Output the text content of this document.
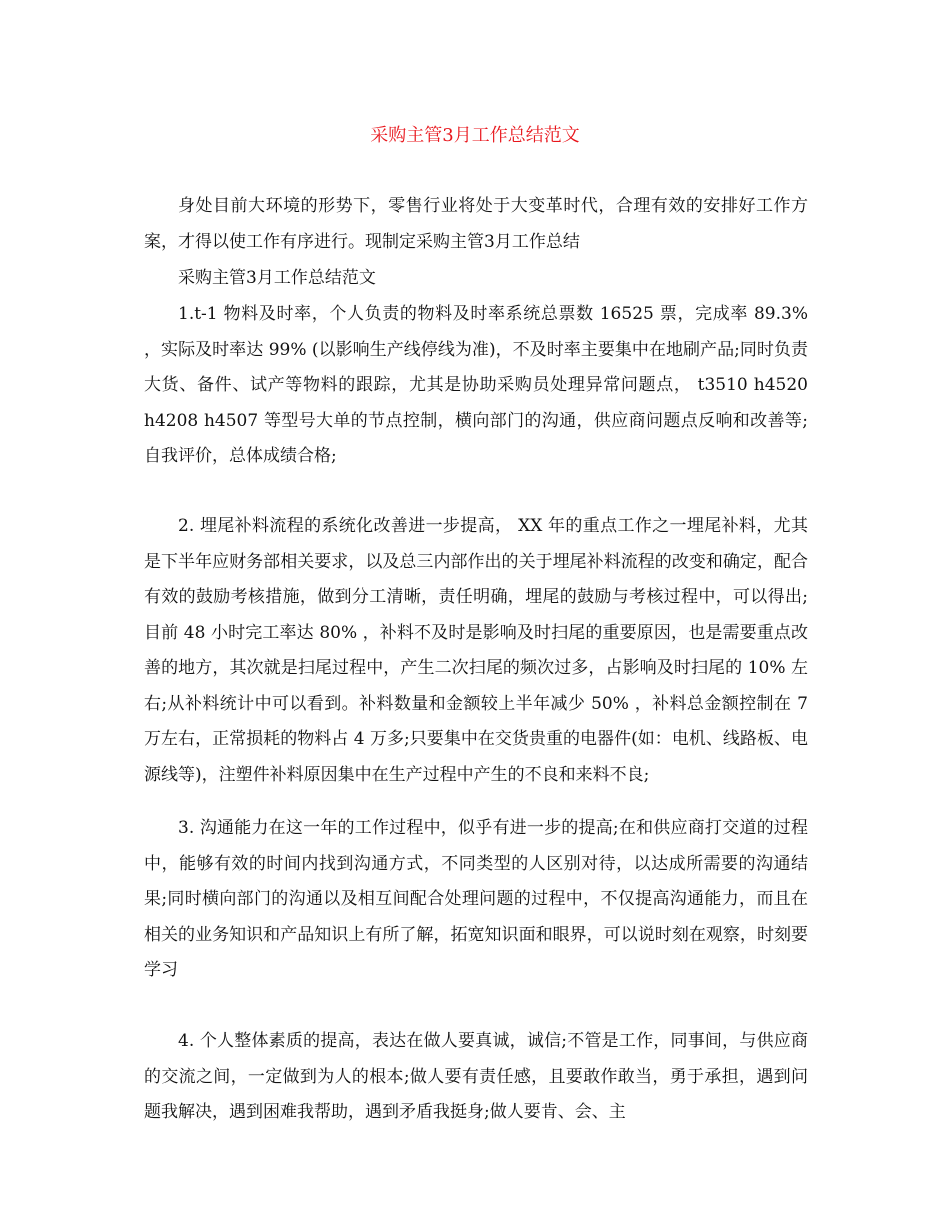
采购主管3月工作总结范文

身处目前大环境的形势下，零售行业将处于大变革时代，合理有效的安排好工作方案，才得以使工作有序进行。现制定采购主管3月工作总结

采购主管3月工作总结范文

1.t-1 物料及时率，个人负责的物料及时率系统总票数 16525 票，完成率 89.3% ，实际及时率达 99% (以影响生产线停线为准)，不及时率主要集中在地刷产品;同时负责大货、备件、试产等物料的跟踪，尤其是协助采购员处理异常问题点， t3510 h4520 h4208 h4507 等型号大单的节点控制，横向部门的沟通，供应商问题点反响和改善等;自我评价，总体成绩合格;

2. 埋尾补料流程的系统化改善进一步提高， XX 年的重点工作之一埋尾补料，尤其是下半年应财务部相关要求，以及总三内部作出的关于埋尾补料流程的改变和确定，配合有效的鼓励考核措施，做到分工清晰，责任明确，埋尾的鼓励与考核过程中，可以得出;目前 48 小时完工率达 80% ，补料不及时是影响及时扫尾的重要原因，也是需要重点改善的地方，其次就是扫尾过程中，产生二次扫尾的频次过多，占影响及时扫尾的 10% 左右;从补料统计中可以看到。补料数量和金额较上半年减少 50% ，补料总金额控制在 7 万左右，正常损耗的物料占 4 万多;只要集中在交货贵重的电器件(如：电机、线路板、电源线等)，注塑件补料原因集中在生产过程中产生的不良和来料不良;

3. 沟通能力在这一年的工作过程中，似乎有进一步的提高;在和供应商打交道的过程中，能够有效的时间内找到沟通方式，不同类型的人区别对待，以达成所需要的沟通结果;同时横向部门的沟通以及相互间配合处理问题的过程中，不仅提高沟通能力，而且在相关的业务知识和产品知识上有所了解，拓宽知识面和眼界，可以说时刻在观察，时刻要学习

4. 个人整体素质的提高，表达在做人要真诚，诚信;不管是工作，同事间，与供应商的交流之间，一定做到为人的根本;做人要有责任感，且要敢作敢当，勇于承担，遇到问题我解决，遇到困难我帮助，遇到矛盾我挺身;做人要肯、会、主
